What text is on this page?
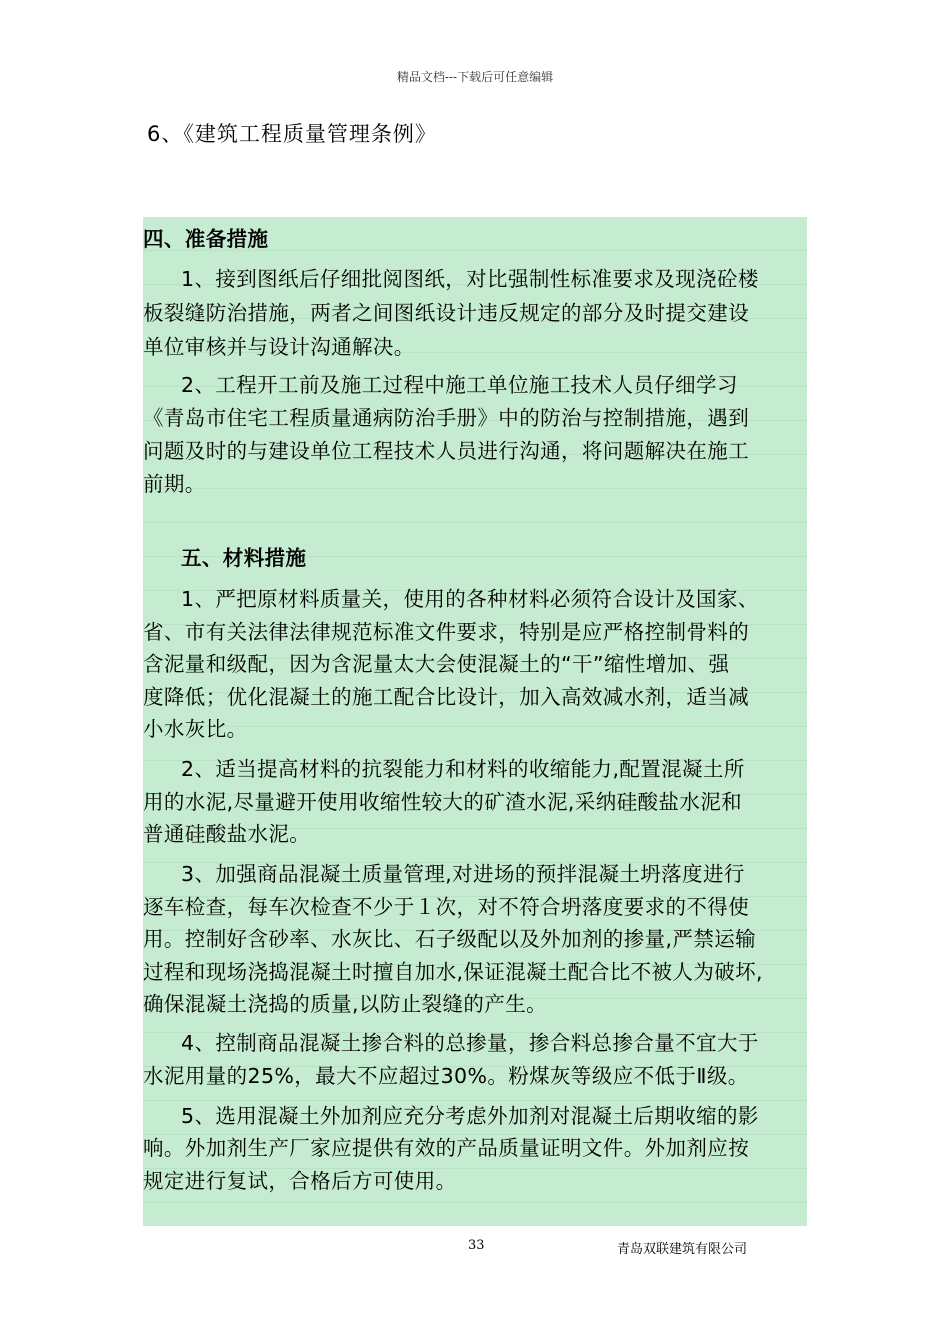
精品文档---下载后可任意编辑
6、《建筑工程质量管理条例》
四、准备措施
1、接到图纸后仔细批阅图纸，对比强制性标准要求及现浇砼楼
板裂缝防治措施，两者之间图纸设计违反规定的部分及时提交建设
单位审核并与设计沟通解决。
2、工程开工前及施工过程中施工单位施工技术人员仔细学习
《青岛市住宅工程质量通病防治手册》中的防治与控制措施，遇到
问题及时的与建设单位工程技术人员进行沟通，将问题解决在施工
前期。
五、材料措施
1、严把原材料质量关，使用的各种材料必须符合设计及国家、
省、市有关法律法律规范标准文件要求，特别是应严格控制骨料的
含泥量和级配，因为含泥量太大会使混凝土的“干”缩性增加、强
度降低；优化混凝土的施工配合比设计，加入高效减水剂，适当减
小水灰比。
2、适当提高材料的抗裂能力和材料的收缩能力,配置混凝土所
用的水泥,尽量避开使用收缩性较大的矿渣水泥,采纳硅酸盐水泥和
普通硅酸盐水泥。
3、加强商品混凝土质量管理,对进场的预拌混凝土坍落度进行
逐车检查，每车次检查不少于１次，对不符合坍落度要求的不得使
用。控制好含砂率、水灰比、石子级配以及外加剂的掺量,严禁运输
过程和现场浇捣混凝土时擅自加水,保证混凝土配合比不被人为破坏,
确保混凝土浇捣的质量,以防止裂缝的产生。
4、控制商品混凝土掺合料的总掺量，掺合料总掺合量不宜大于
水泥用量的25%，最大不应超过30%。粉煤灰等级应不低于Ⅱ级。
5、选用混凝土外加剂应充分考虑外加剂对混凝土后期收缩的影
响。外加剂生产厂家应提供有效的产品质量证明文件。外加剂应按
规定进行复试，合格后方可使用。
33	青岛双联建筑有限公司
